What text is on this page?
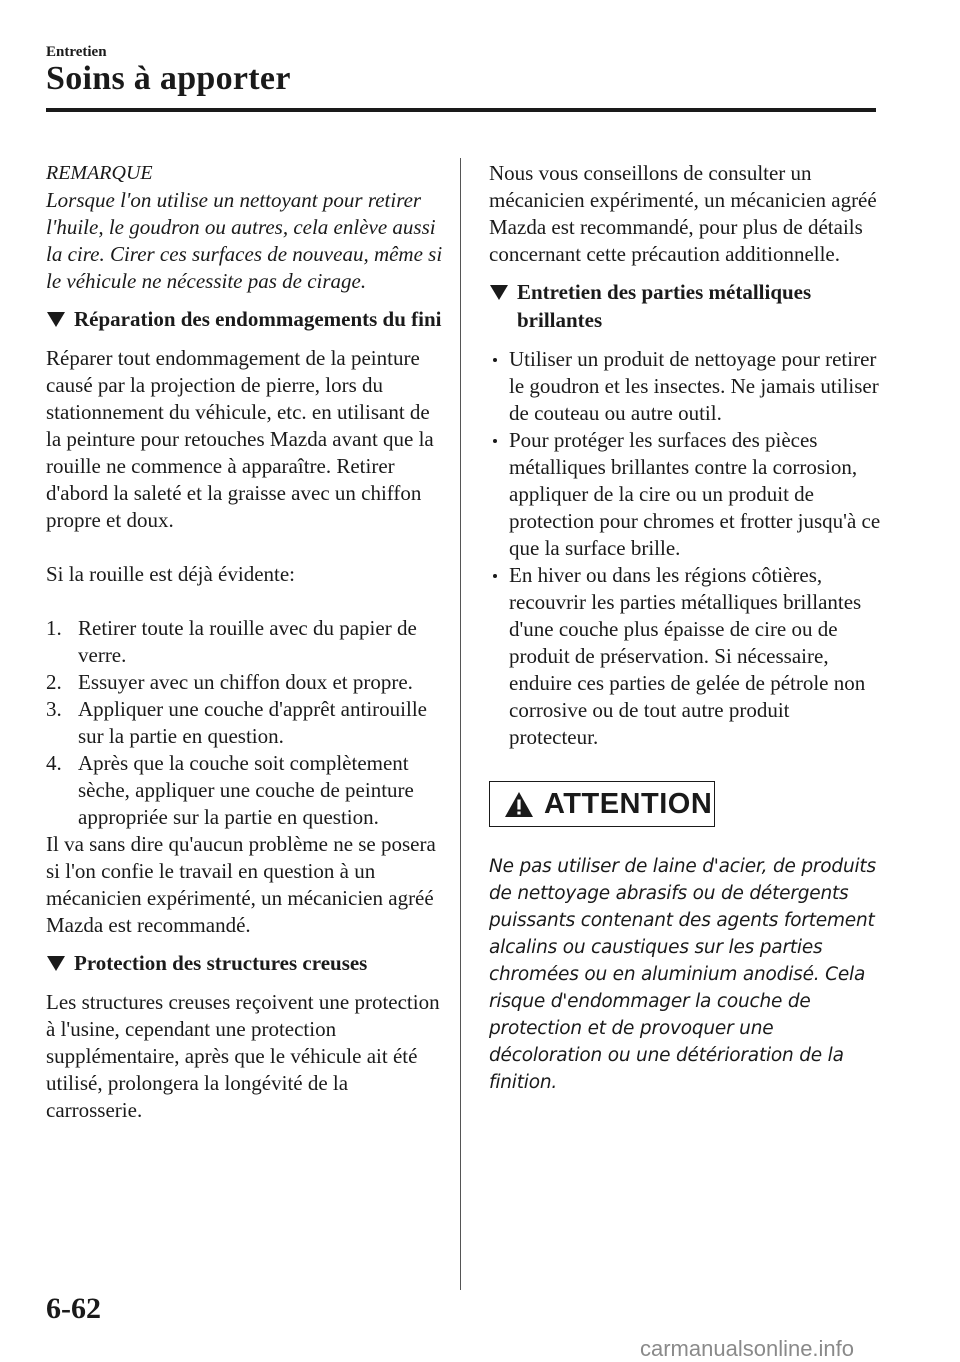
Entretien
Soins à apporter

REMARQUE

Lorsque l'on utilise un nettoyant pour retirer l'huile, le goudron ou autres, cela enlève aussi la cire. Cirer ces surfaces de nouveau, même si le véhicule ne nécessite pas de cirage.

Réparation des endommagements du fini

Réparer tout endommagement de la peinture causé par la projection de pierre, lors du stationnement du véhicule, etc. en utilisant de la peinture pour retouches Mazda avant que la rouille ne commence à apparaître. Retirer d'abord la saleté et la graisse avec un chiffon propre et doux.

Si la rouille est déjà évidente:

1. Retirer toute la rouille avec du papier de verre.
2. Essuyer avec un chiffon doux et propre.
3. Appliquer une couche d'apprêt antirouille sur la partie en question.
4. Après que la couche soit complètement sèche, appliquer une couche de peinture appropriée sur la partie en question.

Il va sans dire qu'aucun problème ne se posera si l'on confie le travail en question à un mécanicien expérimenté, un mécanicien agréé Mazda est recommandé.

Protection des structures creuses

Les structures creuses reçoivent une protection à l'usine, cependant une protection supplémentaire, après que le véhicule ait été utilisé, prolongera la longévité de la carrosserie.

Nous vous conseillons de consulter un mécanicien expérimenté, un mécanicien agréé Mazda est recommandé, pour plus de détails concernant cette précaution additionnelle.

Entretien des parties métalliques brillantes
Utiliser un produit de nettoyage pour retirer le goudron et les insectes. Ne jamais utiliser de couteau ou autre outil.
Pour protéger les surfaces des pièces métalliques brillantes contre la corrosion, appliquer de la cire ou un produit de protection pour chromes et frotter jusqu'à ce que la surface brille.
En hiver ou dans les régions côtières, recouvrir les parties métalliques brillantes d'une couche plus épaisse de cire ou de produit de préservation. Si nécessaire, enduire ces parties de gelée de pétrole non corrosive ou de tout autre produit protecteur.
ATTENTION

Ne pas utiliser de laine d'acier, de produits de nettoyage abrasifs ou de détergents puissants contenant des agents fortement alcalins ou caustiques sur les parties chromées ou en aluminium anodisé. Cela risque d'endommager la couche de protection et de provoquer une décoloration ou une détérioration de la finition.

6-62
carmanualsonline.info
